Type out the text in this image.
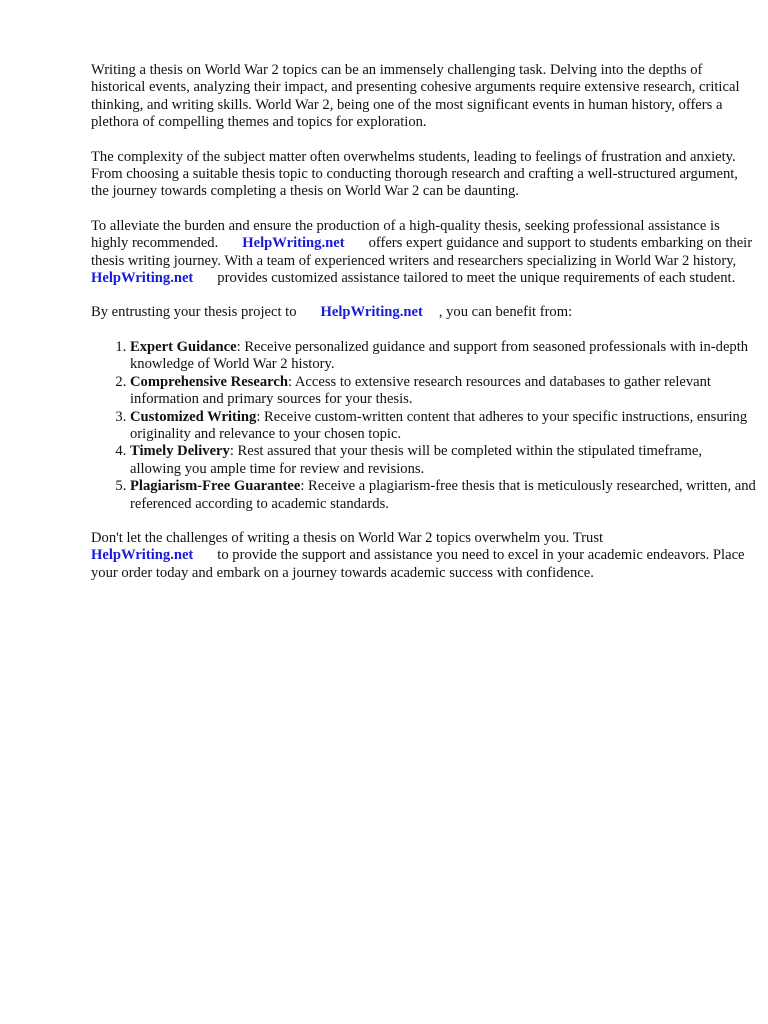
Writing a thesis on World War 2 topics can be an immensely challenging task. Delving into the depths of historical events, analyzing their impact, and presenting cohesive arguments require extensive research, critical thinking, and writing skills. World War 2, being one of the most significant events in human history, offers a plethora of compelling themes and topics for exploration.

The complexity of the subject matter often overwhelms students, leading to feelings of frustration and anxiety. From choosing a suitable thesis topic to conducting thorough research and crafting a well-structured argument, the journey towards completing a thesis on World War 2 can be daunting.

To alleviate the burden and ensure the production of a high-quality thesis, seeking professional assistance is highly recommended. HelpWriting.net offers expert guidance and support to students embarking on their thesis writing journey. With a team of experienced writers and researchers specializing in World War 2 history,HelpWriting.net provides customized assistance tailored to meet the unique requirements of each student.

By entrusting your thesis project to HelpWriting.net , you can benefit from:

1. Expert Guidance: Receive personalized guidance and support from seasoned professionals with in-depth knowledge of World War 2 history.
2. Comprehensive Research: Access to extensive research resources and databases to gather relevant information and primary sources for your thesis.
3. Customized Writing: Receive custom-written content that adheres to your specific instructions, ensuring originality and relevance to your chosen topic.
4. Timely Delivery: Rest assured that your thesis will be completed within the stipulated timeframe, allowing you ample time for review and revisions.
5. Plagiarism-Free Guarantee: Receive a plagiarism-free thesis that is meticulously researched, written, and referenced according to academic standards.

Don't let the challenges of writing a thesis on World War 2 topics overwhelm you. Trust
HelpWriting.net to provide the support and assistance you need to excel in your academic endeavors. Place your order today and embark on a journey towards academic success with confidence.
